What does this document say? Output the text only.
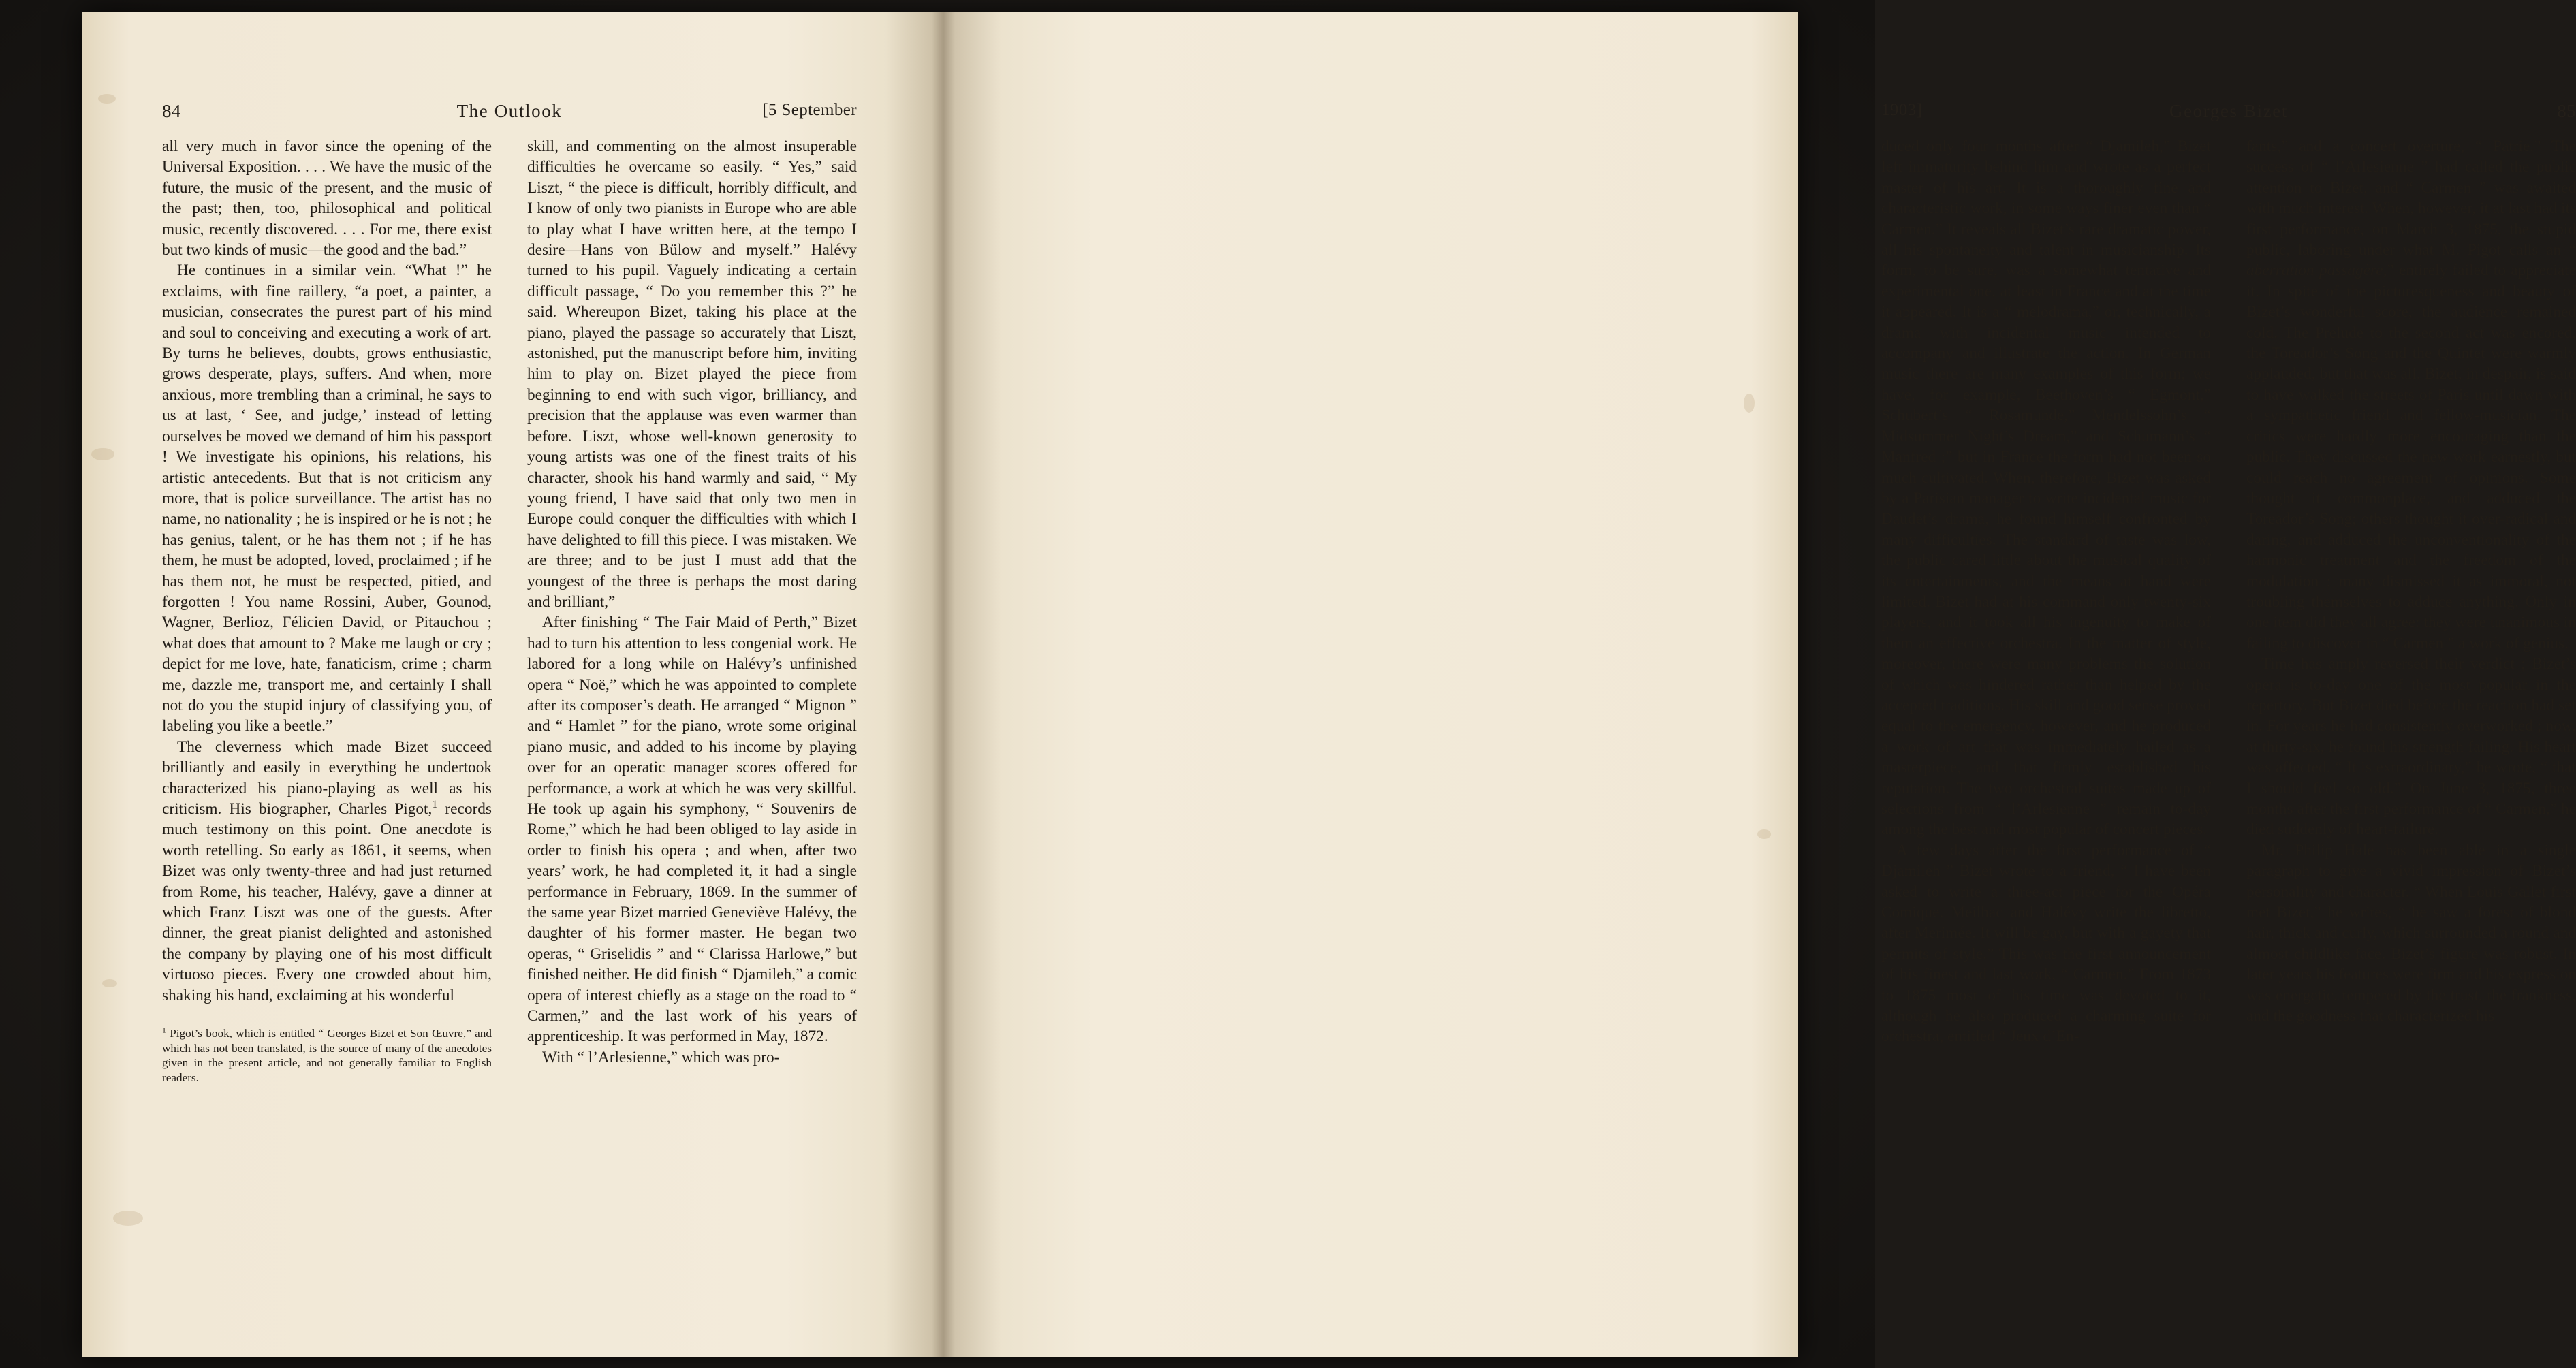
84	The Outlook	[5 September

all very much in favor since the opening of the Universal Exposition. . . . We have the music of the future, the music of the present, and the music of the past; then, too, philosophical and political music, recently discovered. . . . For me, there exist but two kinds of music—the good and the bad.”

He continues in a similar vein. “What !” he exclaims, with fine raillery, “a poet, a painter, a musician, consecrates the purest part of his mind and soul to conceiving and executing a work of art. By turns he believes, doubts, grows enthusiastic, grows desperate, plays, suffers. And when, more anxious, more trembling than a criminal, he says to us at last, ‘ See, and judge,’ instead of letting ourselves be moved we demand of him his passport ! We investigate his opinions, his relations, his artistic antecedents. But that is not criticism any more, that is police surveillance. The artist has no name, no nationality ; he is inspired or he is not ; he has genius, talent, or he has them not ; if he has them, he must be adopted, loved, proclaimed ; if he has them not, he must be respected, pitied, and forgotten ! You name Rossini, Auber, Gounod, Wagner, Berlioz, Félicien David, or Pitauchou ; what does that amount to ? Make me laugh or cry ; depict for me love, hate, fanaticism, crime ; charm me, dazzle me, transport me, and certainly I shall not do you the stupid injury of classifying you, of labeling you like a beetle.”

The cleverness which made Bizet succeed brilliantly and easily in everything he undertook characterized his piano-playing as well as his criticism. His biographer, Charles Pigot,$^1$ records much testimony on this point. One anecdote is worth retelling. So early as 1861, it seems, when Bizet was only twenty-three and had just returned from Rome, his teacher, Halévy, gave a dinner at which Franz Liszt was one of the guests. After dinner, the great pianist delighted and astonished the company by playing one of his most difficult virtuoso pieces. Every one crowded about him, shaking his hand, exclaiming at his wonderful

$^1$ Pigot’s book, which is entitled “ Georges Bizet et Son Œuvre,” and which has not been translated, is the source of many of the anecdotes given in the present article, and not generally familiar to English readers.

skill, and commenting on the almost insuperable difficulties he overcame so easily. “ Yes,” said Liszt, “ the piece is difficult, horribly difficult, and I know of only two pianists in Europe who are able to play what I have written here, at the tempo I desire—Hans von Bülow and myself.” Halévy turned to his pupil. Vaguely indicating a certain difficult passage, “ Do you remember this ?” he said. Whereupon Bizet, taking his place at the piano, played the passage so accurately that Liszt, astonished, put the manuscript before him, inviting him to play on. Bizet played the piece from beginning to end with such vigor, brilliancy, and precision that the applause was even warmer than before. Liszt, whose well-known generosity to young artists was one of the finest traits of his character, shook his hand warmly and said, “ My young friend, I have said that only two men in Europe could conquer the difficulties with which I have delighted to fill this piece. I was mistaken. We are three; and to be just I must add that the youngest of the three is perhaps the most daring and brilliant,”

After finishing “ The Fair Maid of Perth,” Bizet had to turn his attention to less congenial work. He labored for a long while on Halévy’s unfinished opera “ Noë,” which he was appointed to complete after its composer’s death. He arranged “ Mignon ” and “ Hamlet ” for the piano, wrote some original piano music, and added to his income by playing over for an operatic manager scores offered for performance, a work at which he was very skillful. He took up again his symphony, “ Souvenirs de Rome,” which he had been obliged to lay aside in order to finish his opera ; and when, after two years’ work, he had completed it, it had a single performance in February, 1869. In the summer of the same year Bizet married Geneviève Halévy, the daughter of his former master. He began two operas, “ Griselidis ” and “ Clarissa Harlowe,” but finished neither. He did finish “ Djamileh,” a comic opera of interest chiefly as a stage on the road to “ Carmen,” and the last work of his years of apprenticeship. It was performed in May, 1872.

With “ l’Arlesienne,” which was pro-

1903]	Georges Bizet	85

duced only four months after “ Djamileh,” Bizet left immaturity behind him and wrote as a perfect master of his art. It is a thoroughly fine and characteristic work, in some ways finer even than “ Carmen.” It reveals all Bizet’s rare dramatic power, all his spontaneity and talent in musicianship. Its form, to be sure, was a somewhat tentative and experimental one, at least in France and at the time it appeared. It is a “ melodrama,” or, technically, a drama with incidental music intended to accompany and illustrate the action. In German music there are many examples of this form; we have, for example, Beethoven’s “ Egmont,” Schubert’s “ Rosamunde,” Mendelssohn’s “ Midsummer Night’s Dream,” and Schumann’s “ Manfred ;” but in France the form had not been so much cultivated. When, therefore, Bizet was asked by a Parisian manager to write incidental music for Daudet’s drama, he found himself confronted by many difficulties. The standard of taste was low, the public cared little about the musical quality of its entertainments, and the means at hand were limited. Bizet had at his command only twenty-six players, and it took all his ingenuity to make of them an effective orchestra. In the matter of style, moreover, there were many problems the solution of which was hindered rather than helped by the accepted traditions. His skill and good sense proved equal to the emergency, however, and he produced a work of art that was immediately hailed as a masterpiece, and that firmly established his reputation. The two orchestral suites made up of selections from “ l’Arlesienne ” remain to-day among the best and most popular of concert pieces.

A few days after the first performance of “ Djamileh ” Bizet wrote to a friend, “ I have been asked to write a three-act piece for the Opéra Comique. Meilhac and Halévy write the libretto, after Merimée. It will be gay, but with a gayety that permits of style.” This was the first announcement of his finest and last work, “ Carmen.” From 1873 to 1875 most of his time was devoted to it, although he also produced a charming suite for orchestra, entitled “ Jeux d’En-

fants,” and a concert overture, “ Patrie.” The success of “ l’Arlesienne ” had called the public attention to Bizet, and “ Carmen ” was awaited with much interest. When, however, it at last had its first performance, on March 3, 1875, the stupid public, laboring under what M. Pigot calls an “ aberration passagère,” entirely failed to appreciate it. In spite of the picturesqueness and beauty of Bizet’s wonderful score, the audience remained cold. The Prelude to the second act was encored, the Toreador’s Song and the Quintet were warmly applauded, but that was all. Bizet, in despair, is said to have walked the streets of Paris until dawn with a sympathetic friend and fellow-musician. The critics were hardly more encouraging than the public. They discussed the new work earnestly, but could reach no agreement of opinions. Some thought it commonplace, and adduced the Toreador’s Song; others thought it over-radical and daring, and adduced the unconventionality of the harmonic treatment and the freedom of the modulation ; many dismissed it as immoral, not troubling themselves to adduce anything. Only in one item did they all agree: they were unanimous in failing to discover in “ Carmen ” a work of genius.

Time has amply reversed their verdict ; Bizet’s opera is to-day one of the most popular in the repertory. But Bizet died before the reaction had set in. For years he had consistently overworked ; now, at thirty-six, he found his strength failing. His heart was affected. “ It is extraordinary,” he wrote, “ that I should feel so old.” On June 3, 1875, three months after the first performance of “ Carmen,” he died suddenly of heart-failure.

Mr. Philip Hale has been able in a single paragraph to give a vivid impression of Bizet’s personality and character. “ When Louis Gallet first met Bizet,” he writes, “ he saw a forest of blond hair, thick and curly, which surrounded a round and almost childlike face. Bizet’s figure was robust. In later years his features were firm and his expression was energetic, tempered by the trust, the frankness, and the goodness that characterized his
